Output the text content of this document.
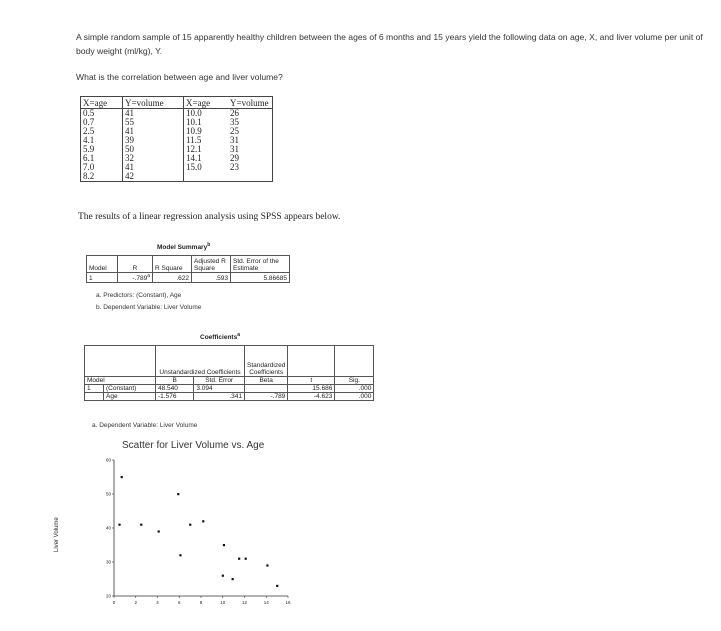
A simple random sample of 15 apparently healthy children between the ages of 6 months and 15 years yield the following data on age, X, and liver volume per unit of body weight (ml/kg), Y.
What is the correlation between age and liver volume?
X=age	Y=volume	X=age	Y=volume
0.5	41	10.0	26
0.7	55	10.1	35
2.5	41	10.9	25
4.1	39	11.5	31
5.9	50	12.1	31
6.1	32	14.1	29
7.0	41	15.0	23
8.2	42		
The results of a linear regression analysis using SPSS appears below.
Model Summary$^b$
Model	R	R Square	Adjusted R Square	Std. Error of the Estimate
1	-.789$^a$	.622	.593	5.86685
a. Predictors: (Constant), Age
b. Dependent Variable: Liver Volume
Coefficients$^a$
		Unstandardized Coefficients		Standardized Coefficients		
Model		B	Std. Error	Beta	t	Sig.
1	(Constant)	48.540	3.094		15.686	.000
	Age	-1.576	.341	-.789	-4.623	.000
a. Dependent Variable: Liver Volume
Scatter for Liver Volume vs. Age
Liver Volume
0	2	4	6	8	10	12	14	16
20
30
40
50
60
